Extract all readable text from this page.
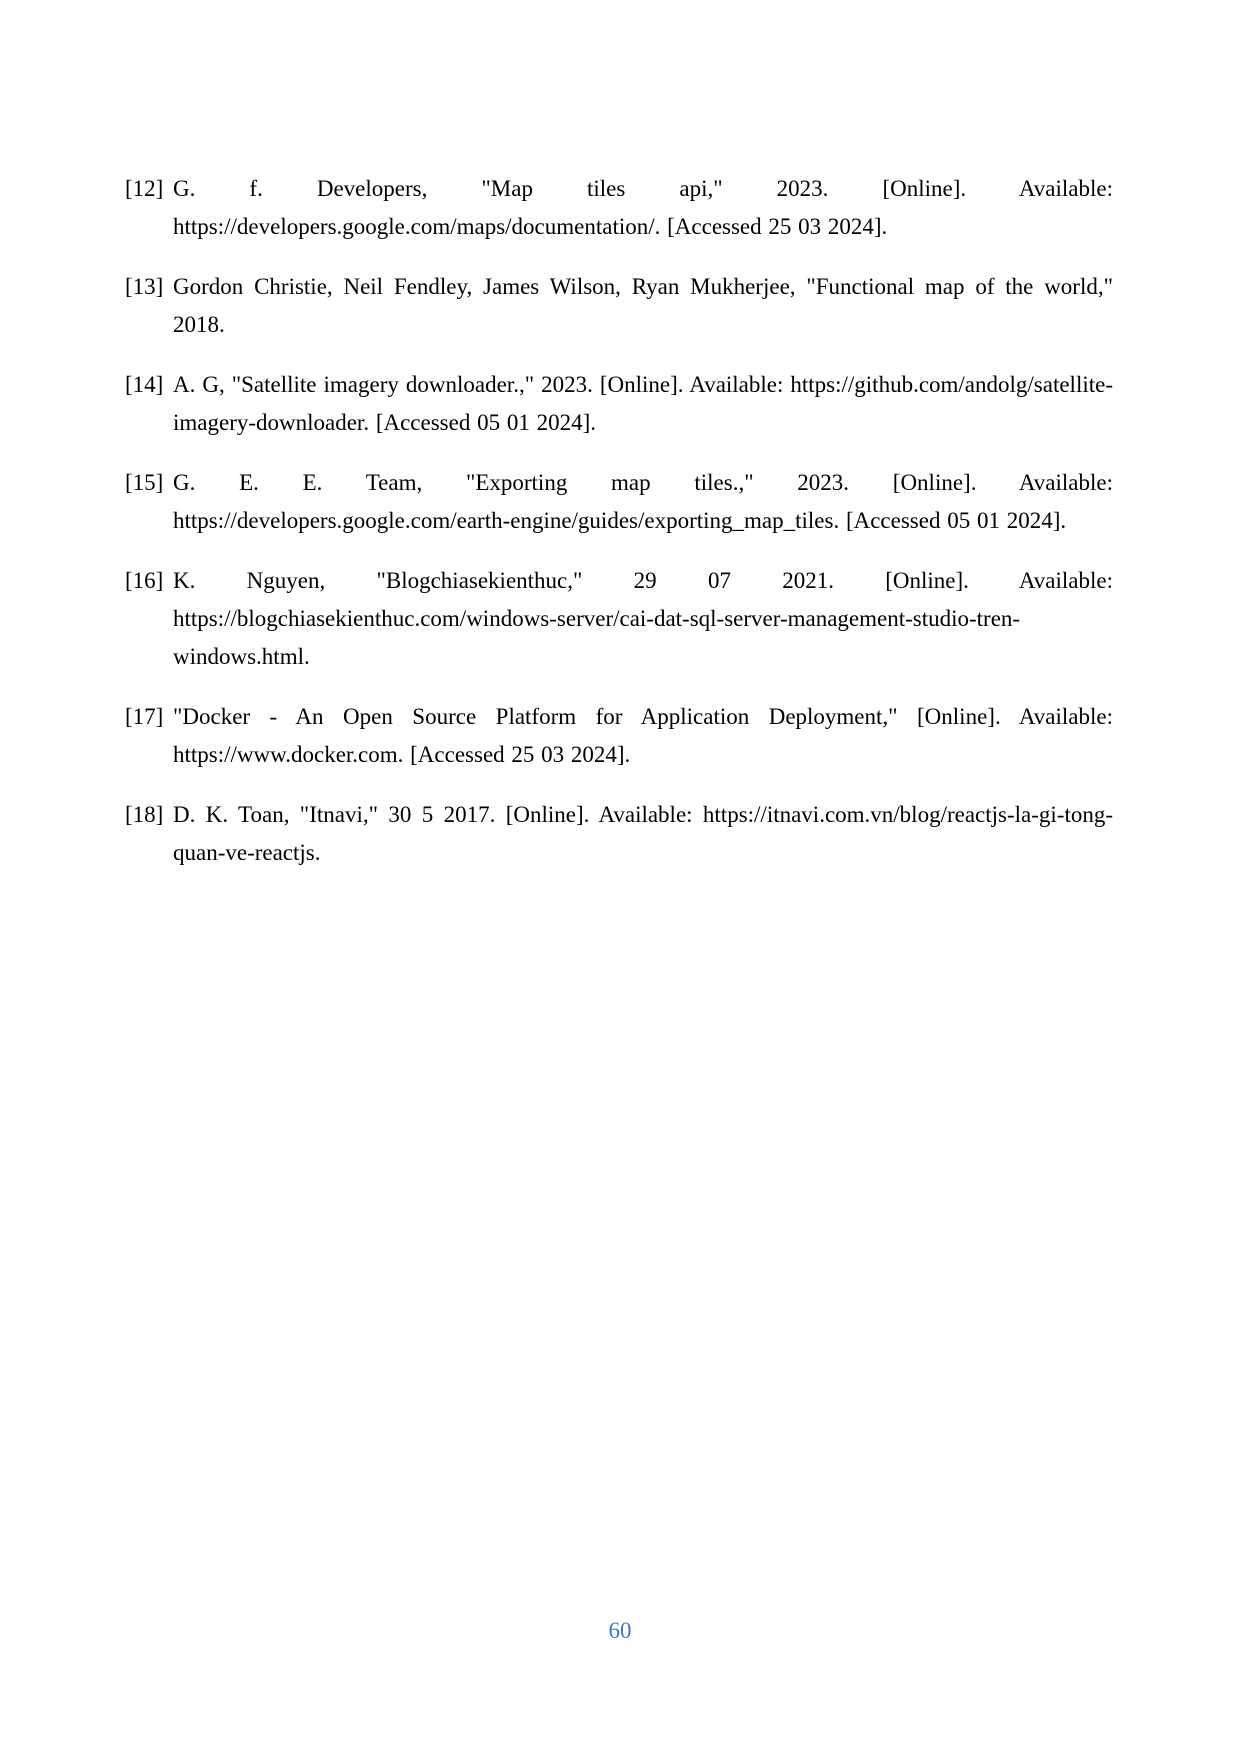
[12] G. f. Developers, "Map tiles api," 2023. [Online]. Available: https://developers.google.com/maps/documentation/. [Accessed 25 03 2024].

[13] Gordon Christie, Neil Fendley, James Wilson, Ryan Mukherjee, "Functional map of the world," 2018.

[14] A. G, "Satellite imagery downloader.," 2023. [Online]. Available: https://github.com/andolg/satellite-imagery-downloader. [Accessed 05 01 2024].

[15] G. E. E. Team, "Exporting map tiles.," 2023. [Online]. Available: https://developers.google.com/earth-engine/guides/exporting_map_tiles. [Accessed 05 01 2024].

[16] K. Nguyen, "Blogchiasekienthuc," 29 07 2021. [Online]. Available: https://blogchiasekienthuc.com/windows-server/cai-dat-sql-server-management-studio-tren-windows.html.

[17] "Docker - An Open Source Platform for Application Deployment," [Online]. Available: https://www.docker.com. [Accessed 25 03 2024].

[18] D. K. Toan, "Itnavi," 30 5 2017. [Online]. Available: https://itnavi.com.vn/blog/reactjs-la-gi-tong-quan-ve-reactjs.

60
